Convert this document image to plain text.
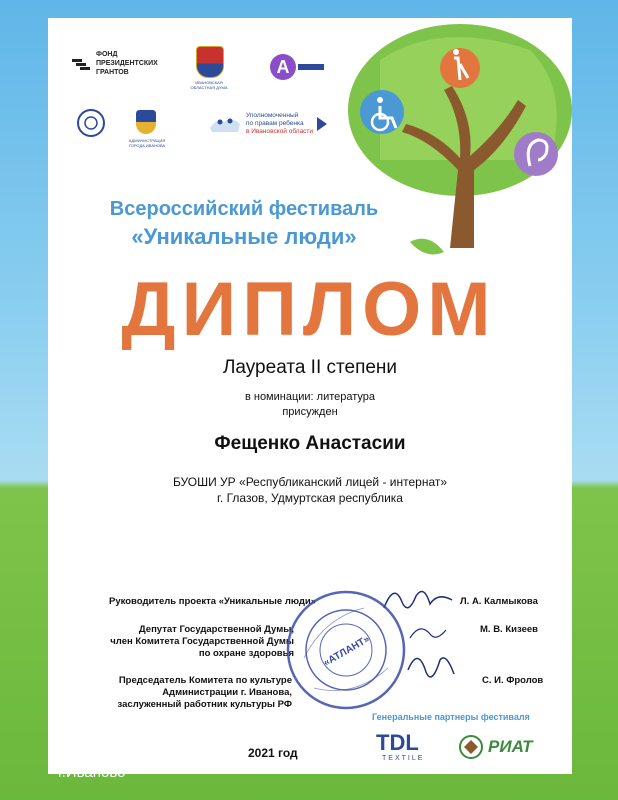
ФОНД
ПРЕЗИДЕНТСКИХ
ГРАНТОВ
ИВАНОВСКАЯ ОБЛАСТНАЯ ДУМА
A
АДМИНИСТРАЦИЯ ГОРОДА ИВАНОВА
Уполномоченный
по правам ребенка
в Ивановской области
Всероссийский фестиваль
«Уникальные люди»
ДИПЛОМ
Лауреата II степени
в номинации: литература
присужден
Фещенко Анастасии
БУОШИ УР «Республиканский лицей - интернат»
г. Глазов, Удмуртская республика
Руководитель проекта «Уникальные люди»	Л. А. Калмыкова
Депутат Государственной Думы,
член Комитета Государственной Думы
по охране здоровья
М. В. Кизеев
Председатель Комитета по культуре
Администрации г. Иванова,
заслуженный работник культуры РФ
С. И. Фролов
«АТЛАНТ»
Генеральные партнеры фестиваля
TDL
TEXTILE
РИАТ
2021 год
г.Иваново
